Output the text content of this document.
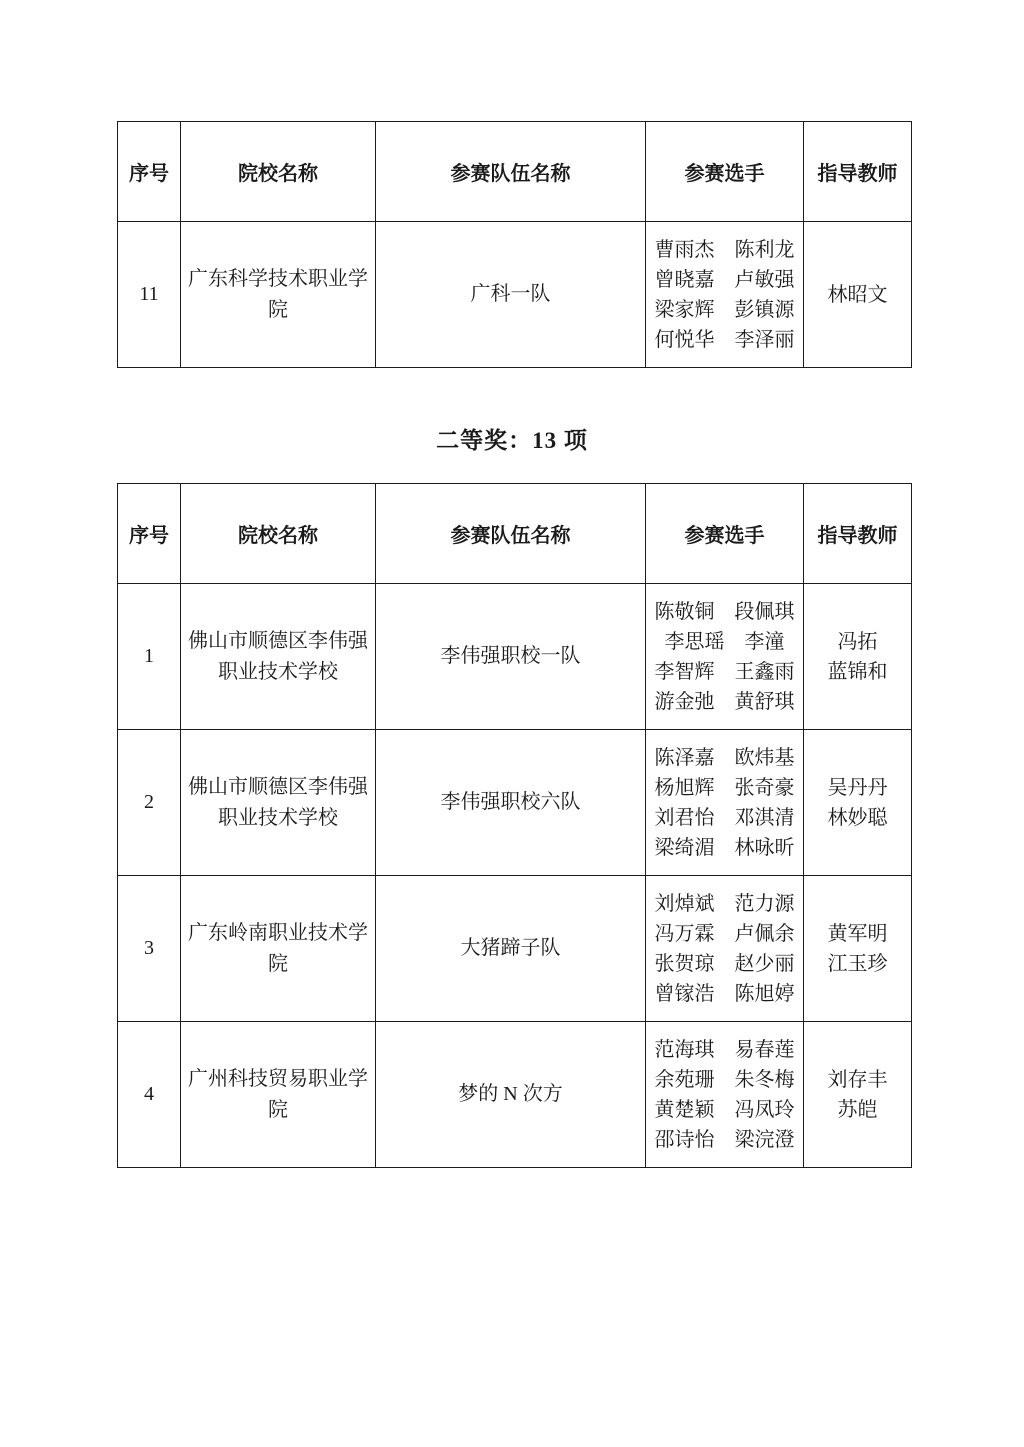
序号	院校名称	参赛队伍名称	参赛选手	指导教师
11	广东科学技术职业学院	广科一队	曹雨杰　陈利龙
曾晓嘉　卢敏强
梁家辉　彭镇源
何悦华　李泽丽	林昭文
二等奖：13 项
序号	院校名称	参赛队伍名称	参赛选手	指导教师
1	佛山市顺德区李伟强职业技术学校	李伟强职校一队	陈敬铜　段佩琪
李思瑶　李潼
李智辉　王鑫雨
游金弛　黄舒琪	冯拓
蓝锦和

2	佛山市顺德区李伟强职业技术学校	李伟强职校六队	陈泽嘉　欧炜基
杨旭辉　张奇豪
刘君怡　邓淇清
梁绮湄　林咏昕	吴丹丹
林妙聪

3	广东岭南职业技术学院	大猪蹄子队	刘焯斌　范力源
冯万霖　卢佩余
张贺琼　赵少丽
曾镓浩　陈旭婷	黄军明
江玉珍

4	广州科技贸易职业学院	梦的 N 次方	范海琪　易春莲
余苑珊　朱冬梅
黄楚颖　冯凤玲
邵诗怡　梁浣澄	刘存丰
苏皑
